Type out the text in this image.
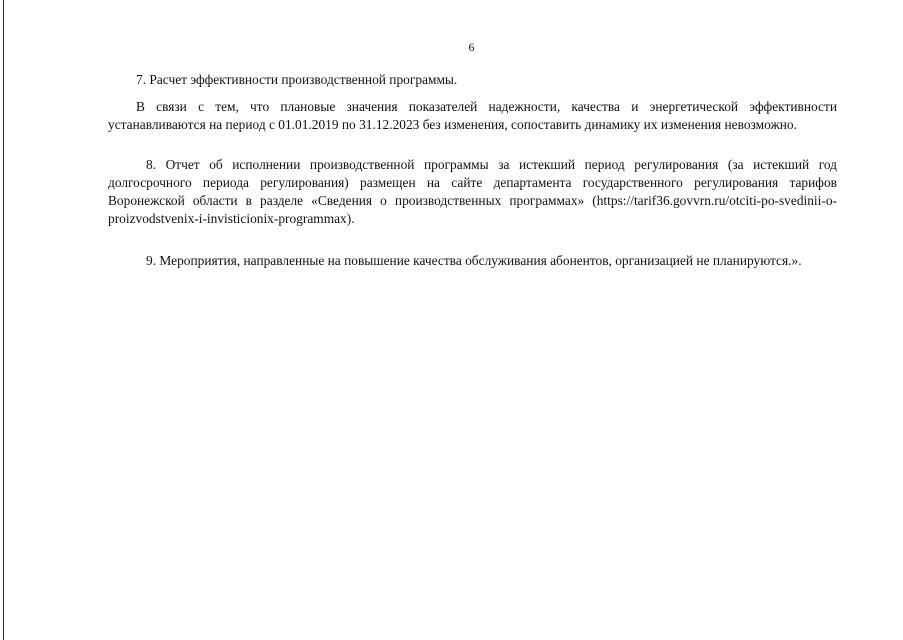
6

7. Расчет эффективности производственной программы.

В связи с тем, что плановые значения показателей надежности, качества и энергетической эффективности устанавливаются на период с 01.01.2019 по 31.12.2023 без изменения, сопоставить динамику их изменения невозможно.

8. Отчет об исполнении производственной программы за истекший период регулирования (за истекший год долгосрочного периода регулирования) размещен на сайте департамента государственного регулирования тарифов Воронежской области в разделе «Сведения о производственных программах» (https://tarif36.govvrn.ru/otciti-po-svedinii-o-proizvodstvenix-i-invisticionix-programmax).

9. Мероприятия, направленные на повышение качества обслуживания абонентов, организацией не планируются.».
